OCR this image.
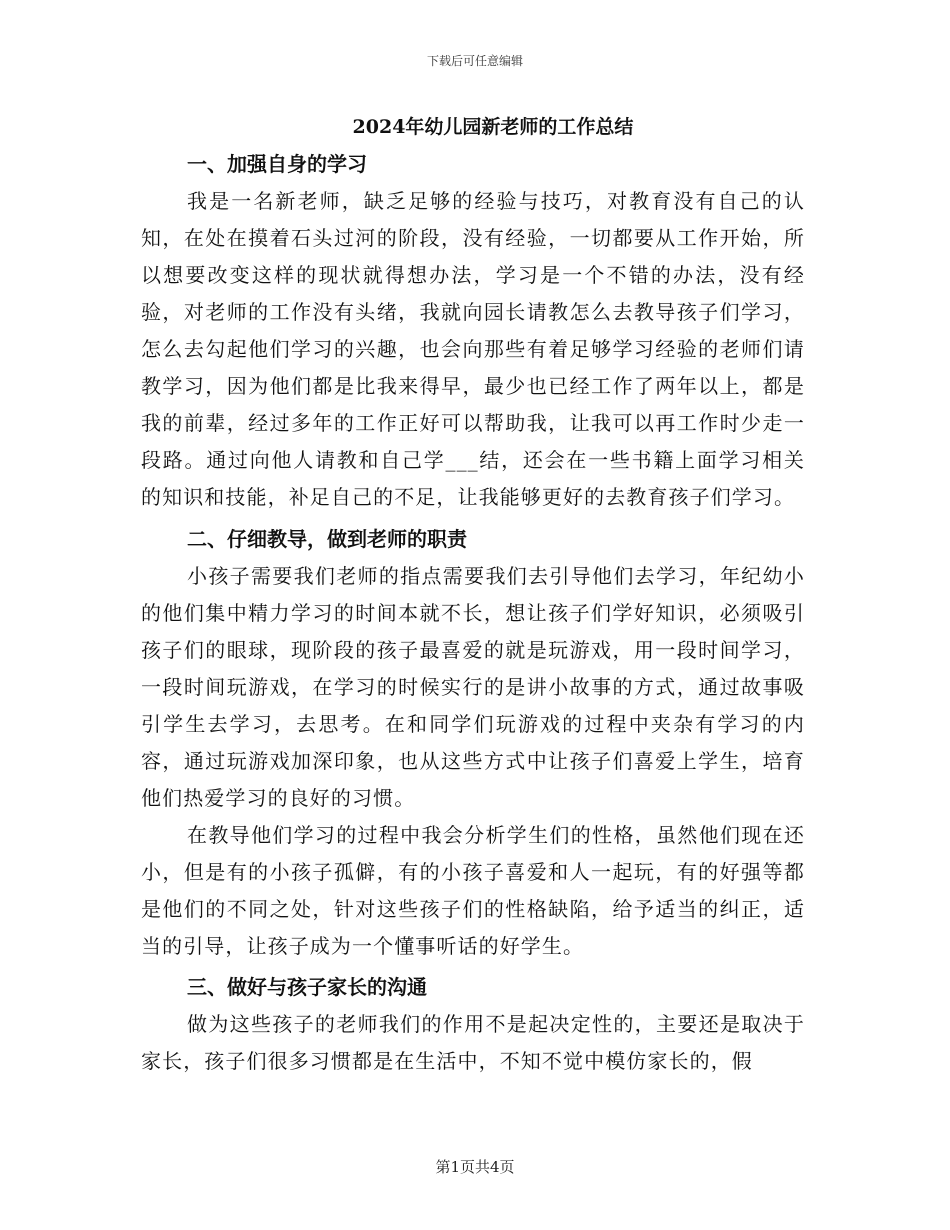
下载后可任意编辑
2024年幼儿园新老师的工作总结

一、加强自身的学习

我是一名新老师，缺乏足够的经验与技巧，对教育没有自己的认知，在处在摸着石头过河的阶段，没有经验，一切都要从工作开始，所以想要改变这样的现状就得想办法，学习是一个不错的办法，没有经验，对老师的工作没有头绪，我就向园长请教怎么去教导孩子们学习，怎么去勾起他们学习的兴趣，也会向那些有着足够学习经验的老师们请教学习，因为他们都是比我来得早，最少也已经工作了两年以上，都是我的前辈，经过多年的工作正好可以帮助我，让我可以再工作时少走一段路。通过向他人请教和自己学___结，还会在一些书籍上面学习相关的知识和技能，补足自己的不足，让我能够更好的去教育孩子们学习。

二、仔细教导，做到老师的职责

小孩子需要我们老师的指点需要我们去引导他们去学习，年纪幼小的他们集中精力学习的时间本就不长，想让孩子们学好知识，必须吸引孩子们的眼球，现阶段的孩子最喜爱的就是玩游戏，用一段时间学习，一段时间玩游戏，在学习的时候实行的是讲小故事的方式，通过故事吸引学生去学习，去思考。在和同学们玩游戏的过程中夹杂有学习的内容，通过玩游戏加深印象，也从这些方式中让孩子们喜爱上学生，培育他们热爱学习的良好的习惯。

在教导他们学习的过程中我会分析学生们的性格，虽然他们现在还小，但是有的小孩子孤僻，有的小孩子喜爱和人一起玩，有的好强等都是他们的不同之处，针对这些孩子们的性格缺陷，给予适当的纠正，适当的引导，让孩子成为一个懂事听话的好学生。

三、做好与孩子家长的沟通

做为这些孩子的老师我们的作用不是起决定性的，主要还是取决于家长，孩子们很多习惯都是在生活中，不知不觉中模仿家长的，假

第1页共4页
